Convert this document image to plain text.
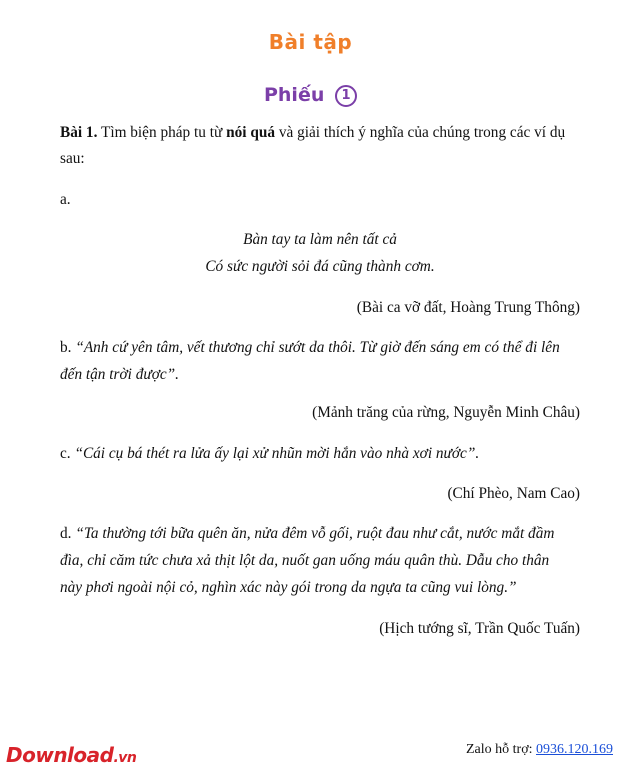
Bài tập
Phiếu 1
Bài 1. Tìm biện pháp tu từ nói quá và giải thích ý nghĩa của chúng trong các ví dụ
sau:
a.
Bàn tay ta làm nên tất cả
Có sức người sỏi đá cũng thành cơm.
(Bài ca vỡ đất, Hoàng Trung Thông)
b. “Anh cứ yên tâm, vết thương chỉ sướt da thôi. Từ giờ đến sáng em có thể đi lên
đến tận trời được”.
(Mảnh trăng của rừng, Nguyễn Minh Châu)
c. “Cái cụ bá thét ra lửa ấy lại xử nhũn mời hắn vào nhà xơi nước”.
(Chí Phèo, Nam Cao)
d. “Ta thường tới bữa quên ăn, nửa đêm vỗ gối, ruột đau như cắt, nước mắt đầm
đìa, chỉ căm tức chưa xả thịt lột da, nuốt gan uống máu quân thù. Dẫu cho thân
này phơi ngoài nội cỏ, nghìn xác này gói trong da ngựa ta cũng vui lòng.”
(Hịch tướng sĩ, Trần Quốc Tuấn)
Download.vn
Zalo hỗ trợ: 0936.120.169
